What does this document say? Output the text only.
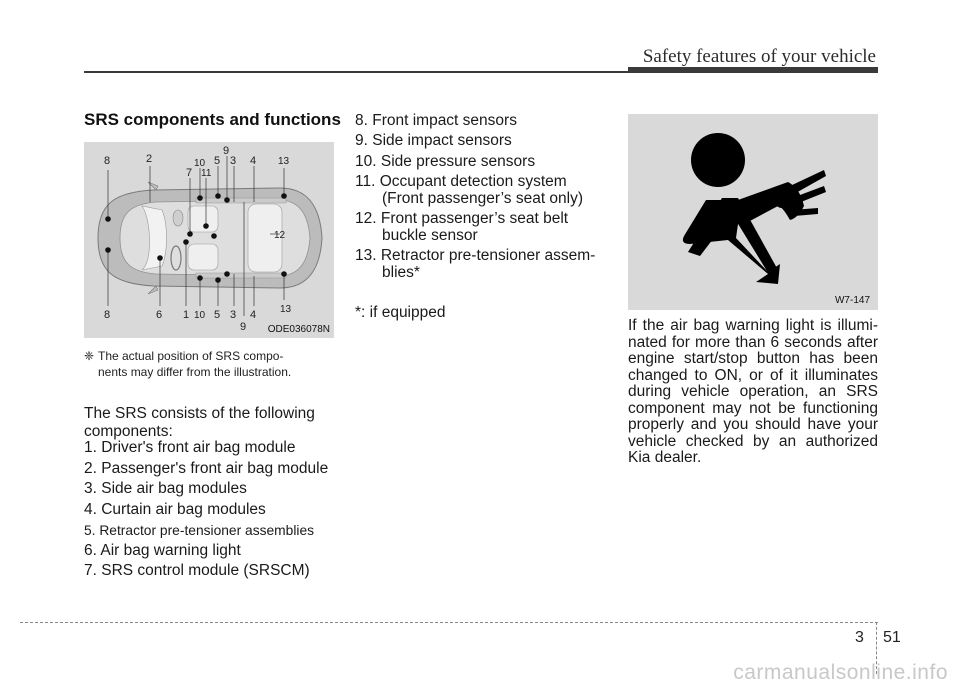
Safety features of your vehicle
SRS components and functions
8	2	10 5
9
3 4 13
7 11
12
8	6 1 10 5 3 4
9
13
ODE036078N
❈ The actual position of SRS compo-
nents may differ from the illustration.
The SRS consists of the following
components:
1. Driver's front air bag module
2. Passenger's front air bag module
3. Side air bag modules
4. Curtain air bag modules
5. Retractor pre-tensioner assemblies
6. Air bag warning light
7. SRS control module (SRSCM)
8. Front impact sensors
9. Side impact sensors
10. Side pressure sensors
11. Occupant detection system
(Front passenger’s seat only)
12. Front passenger’s seat belt
buckle sensor
13. Retractor pre-tensioner assem-
blies*
*: if equipped
W7-147
If the air bag warning light is illumi-nated for more than 6 seconds after engine start/stop button has been changed to ON, or of it illuminates during vehicle operation, an SRS component may not be functioning properly and you should have your vehicle checked by an authorized Kia dealer.
3 51
carmanualsonline.info
